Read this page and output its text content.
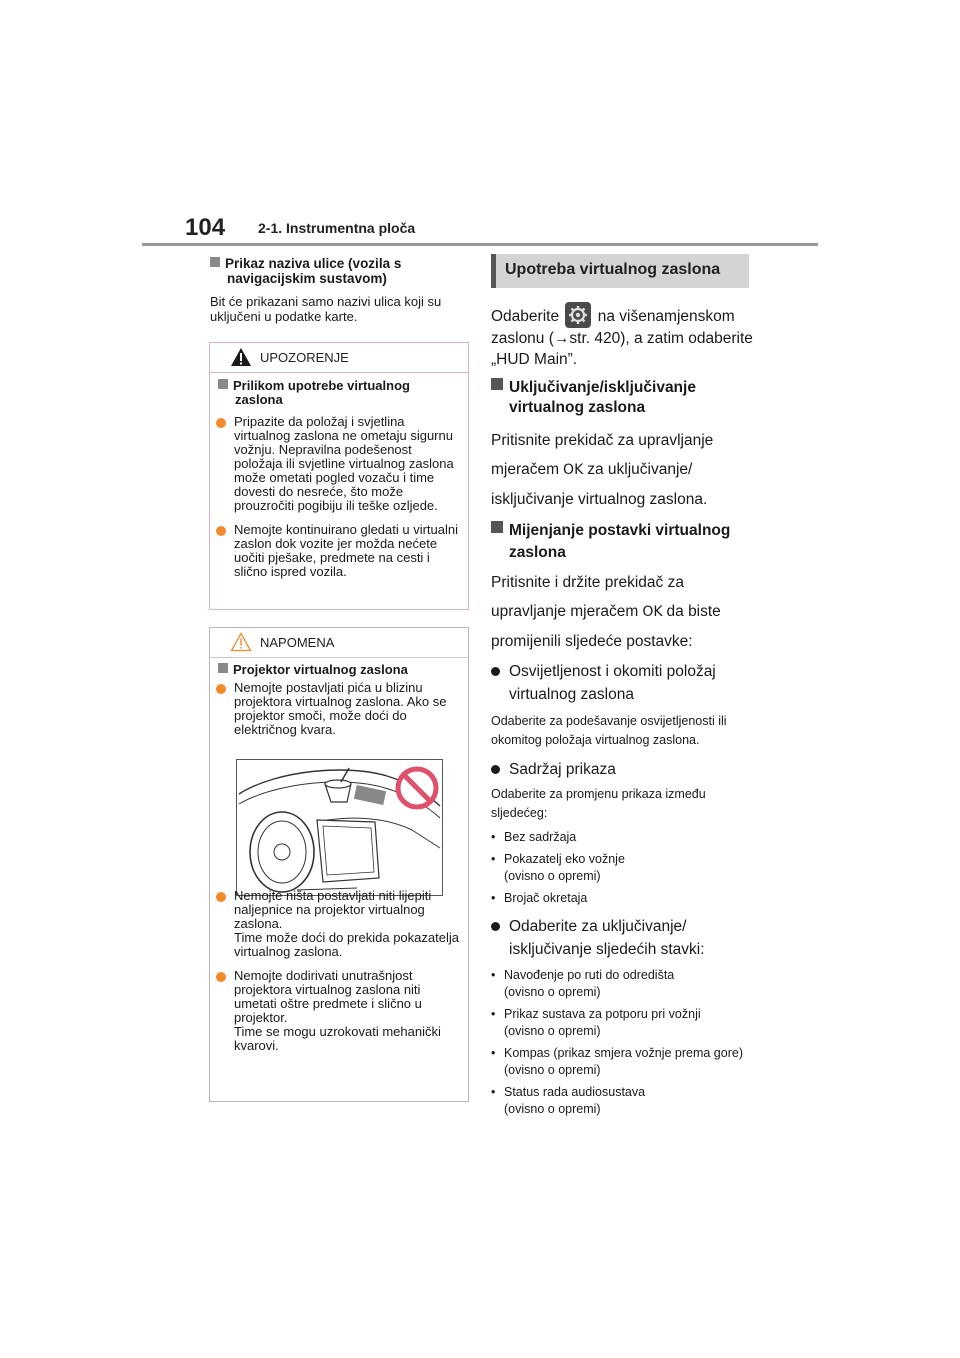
104 2-1. Instrumentna ploča
Prikaz naziva ulice (vozila s navigacijskim sustavom)
Bit će prikazani samo nazivi ulica koji su uključeni u podatke karte.
UPOZORENJE
Prilikom upotrebe virtualnog zaslona
Pripazite da položaj i svjetlina virtualnog zaslona ne ometaju sigurnu vožnju. Nepravilna podešenost položaja ili svjetline virtualnog zaslona može ometati pogled vozaču i time dovesti do nesreće, što može prouzročiti pogibiju ili teške ozljede.
Nemojte kontinuirano gledati u virtualni zaslon dok vozite jer možda nećete uočiti pješake, predmete na cesti i slično ispred vozila.
NAPOMENA
Projektor virtualnog zaslona
Nemojte postavljati pića u blizinu projektora virtualnog zaslona. Ako se projektor smoči, može doći do električnog kvara.
Nemojte ništa postavljati niti lijepiti naljepnice na projektor virtualnog zaslona.
Time može doći do prekida pokazatelja virtualnog zaslona.
Nemojte dodirivati unutrašnjost projektora virtualnog zaslona niti umetati oštre predmete i slično u projektor.
Time se mogu uzrokovati mehanički kvarovi.
Upotreba virtualnog zaslona
Odaberite na višenamjenskom zaslonu (→str. 420), a zatim odaberite „HUD Main”.
Uključivanje/isključivanje virtualnog zaslona
Pritisnite prekidač za upravljanje mjeračem OK za uključivanje/ isključivanje virtualnog zaslona.
Mijenjanje postavki virtualnog zaslona
Pritisnite i držite prekidač za upravljanje mjeračem OK da biste promijenili sljedeće postavke:
Osvijetljenost i okomiti položaj virtualnog zaslona
Odaberite za podešavanje osvijetljenosti ili okomitog položaja virtualnog zaslona.
Sadržaj prikaza
Odaberite za promjenu prikaza između sljedećeg:
• Bez sadržaja
• Pokazatelj eko vožnje (ovisno o opremi)
• Brojač okretaja
Odaberite za uključivanje/ isključivanje sljedećih stavki:
• Navođenje po ruti do odredišta (ovisno o opremi)
• Prikaz sustava za potporu pri vožnji (ovisno o opremi)
• Kompas (prikaz smjera vožnje prema gore) (ovisno o opremi)
• Status rada audiosustava (ovisno o opremi)
